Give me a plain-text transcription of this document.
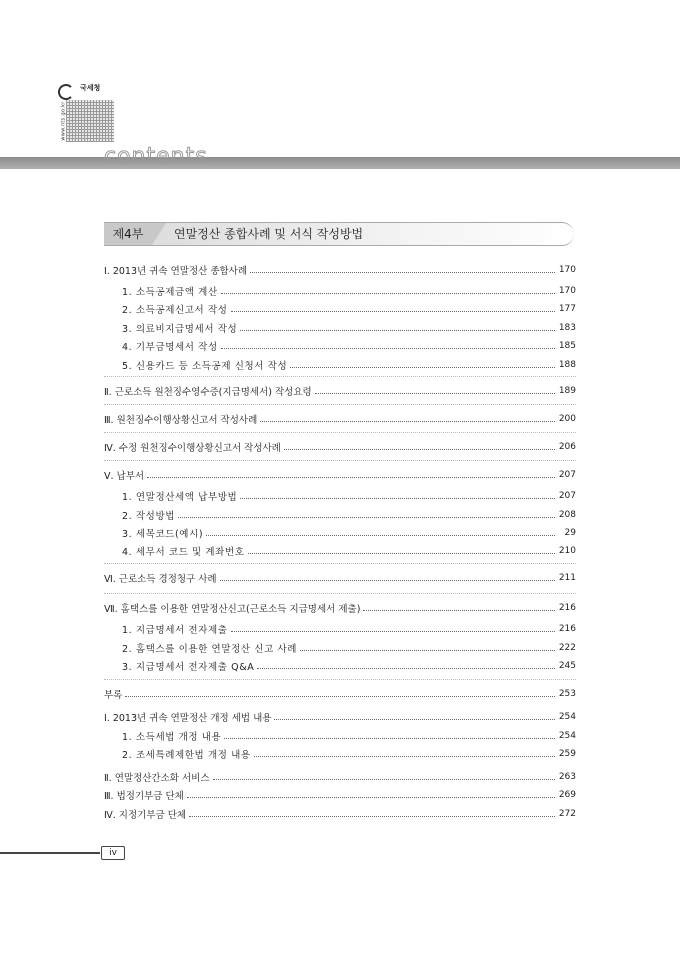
국세청
www.nts.go.kr
contents
제4부	연말정산 종합사례 및 서식 작성방법
Ⅰ. 2013년 귀속 연말정산 종합사례	170
1. 소득공제금액 계산	170
2. 소득공제신고서 작성	177
3. 의료비지급명세서 작성	183
4. 기부금명세서 작성	185
5. 신용카드 등 소득공제 신청서 작성	188
Ⅱ. 근로소득 원천징수영수증(지급명세서) 작성요령	189
Ⅲ. 원천징수이행상황신고서 작성사례	200
Ⅳ. 수정 원천징수이행상황신고서 작성사례	206
Ⅴ. 납부서	207
1. 연말정산세액 납부방법	207
2. 작성방법	208
3. 세목코드(예시)	29
4. 세무서 코드 및 계좌번호	210
Ⅵ. 근로소득 경정청구 사례	211
Ⅶ. 홈택스를 이용한 연말정산신고(근로소득 지급명세서 제출)	216
1. 지급명세서 전자제출	216
2. 홈택스를 이용한 연말정산 신고 사례	222
3. 지급명세서 전자제출 Q&A	245
부록	253
Ⅰ. 2013년 귀속 연말정산 개정 세법 내용	254
1. 소득세법 개정 내용	254
2. 조세특례제한법 개정 내용	259
Ⅱ. 연말정산간소화 서비스	263
Ⅲ. 법정기부금 단체	269
Ⅳ. 지정기부금 단체	272
iv
